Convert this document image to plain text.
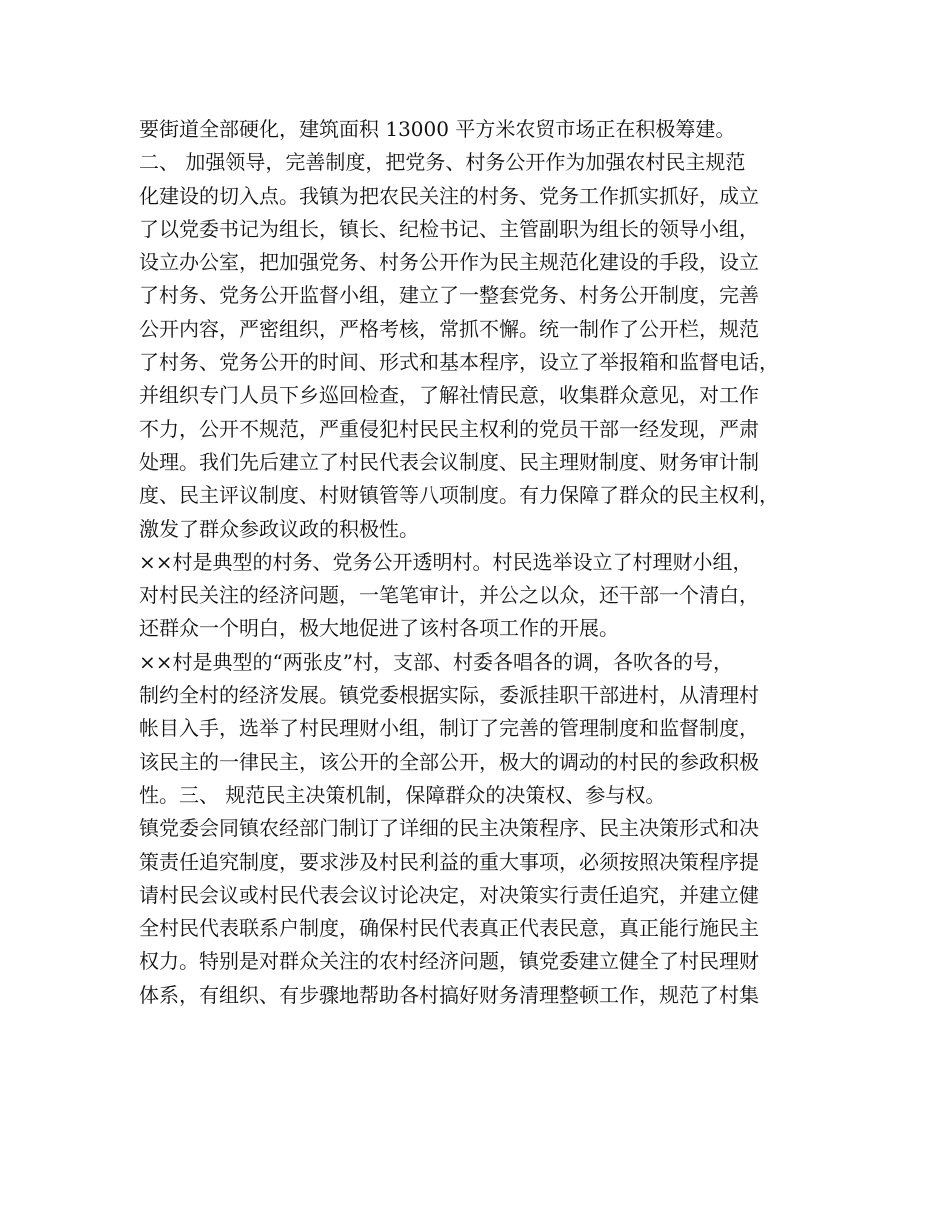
要街道全部硬化，建筑面积 13000 平方米农贸市场正在积极筹建。
二、 加强领导，完善制度，把党务、村务公开作为加强农村民主规范
化建设的切入点。我镇为把农民关注的村务、党务工作抓实抓好，成立
了以党委书记为组长，镇长、纪检书记、主管副职为组长的领导小组，
设立办公室，把加强党务、村务公开作为民主规范化建设的手段，设立
了村务、党务公开监督小组，建立了一整套党务、村务公开制度，完善
公开内容，严密组织，严格考核，常抓不懈。统一制作了公开栏，规范
了村务、党务公开的时间、形式和基本程序，设立了举报箱和监督电话，
并组织专门人员下乡巡回检查，了解社情民意，收集群众意见，对工作
不力，公开不规范，严重侵犯村民民主权利的党员干部一经发现，严肃
处理。我们先后建立了村民代表会议制度、民主理财制度、财务审计制
度、民主评议制度、村财镇管等八项制度。有力保障了群众的民主权利，
激发了群众参政议政的积极性。
××村是典型的村务、党务公开透明村。村民选举设立了村理财小组，
对村民关注的经济问题，一笔笔审计，并公之以众，还干部一个清白，
还群众一个明白，极大地促进了该村各项工作的开展。
××村是典型的“两张皮”村，支部、村委各唱各的调，各吹各的号，
制约全村的经济发展。镇党委根据实际，委派挂职干部进村，从清理村
帐目入手，选举了村民理财小组，制订了完善的管理制度和监督制度，
该民主的一律民主，该公开的全部公开，极大的调动的村民的参政积极
性。三、 规范民主决策机制，保障群众的决策权、参与权。
镇党委会同镇农经部门制订了详细的民主决策程序、民主决策形式和决
策责任追究制度，要求涉及村民利益的重大事项，必须按照决策程序提
请村民会议或村民代表会议讨论决定，对决策实行责任追究，并建立健
全村民代表联系户制度，确保村民代表真正代表民意，真正能行施民主
权力。特别是对群众关注的农村经济问题，镇党委建立健全了村民理财
体系，有组织、有步骤地帮助各村搞好财务清理整顿工作，规范了村集
